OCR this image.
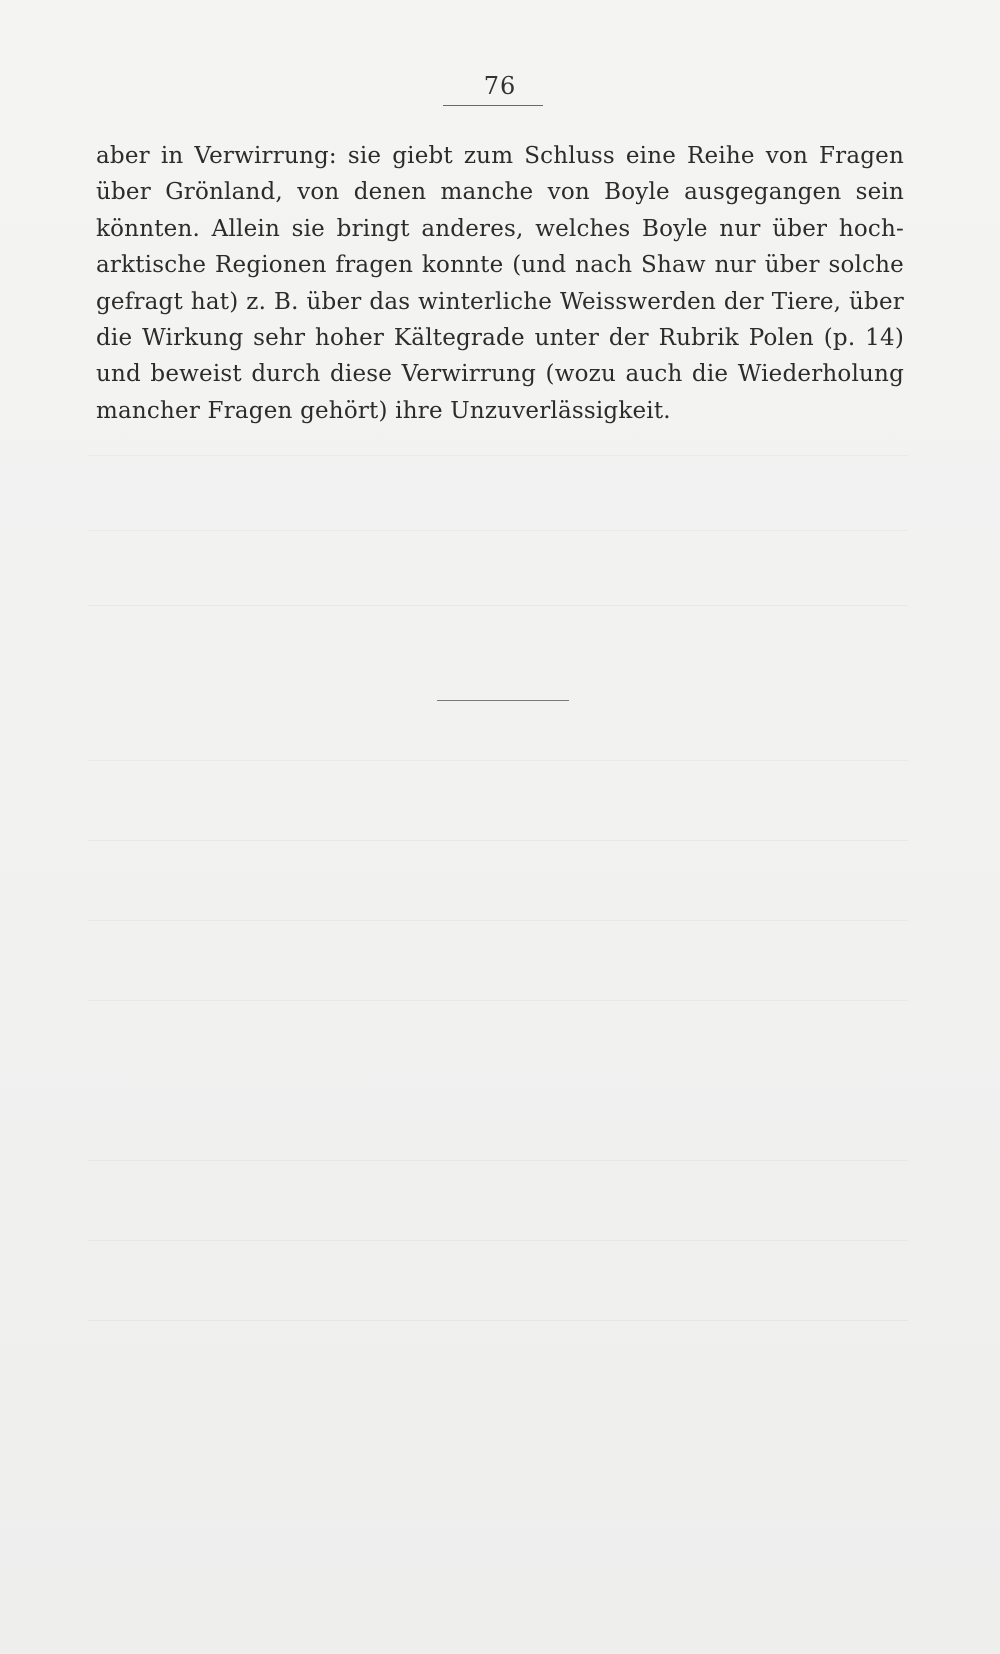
76
aber in Verwirrung: sie giebt zum Schluss eine Reihe von Fragen
über Grönland, von denen manche von Boyle ausgegangen sein
könnten. Allein sie bringt anderes, welches Boyle nur über hoch-
arktische Regionen fragen konnte (und nach Shaw nur über solche
gefragt hat) z. B. über das winterliche Weisswerden der Tiere, über
die Wirkung sehr hoher Kältegrade unter der Rubrik Polen (p. 14)
und beweist durch diese Verwirrung (wozu auch die Wiederholung
mancher Fragen gehört) ihre Unzuverlässigkeit.
